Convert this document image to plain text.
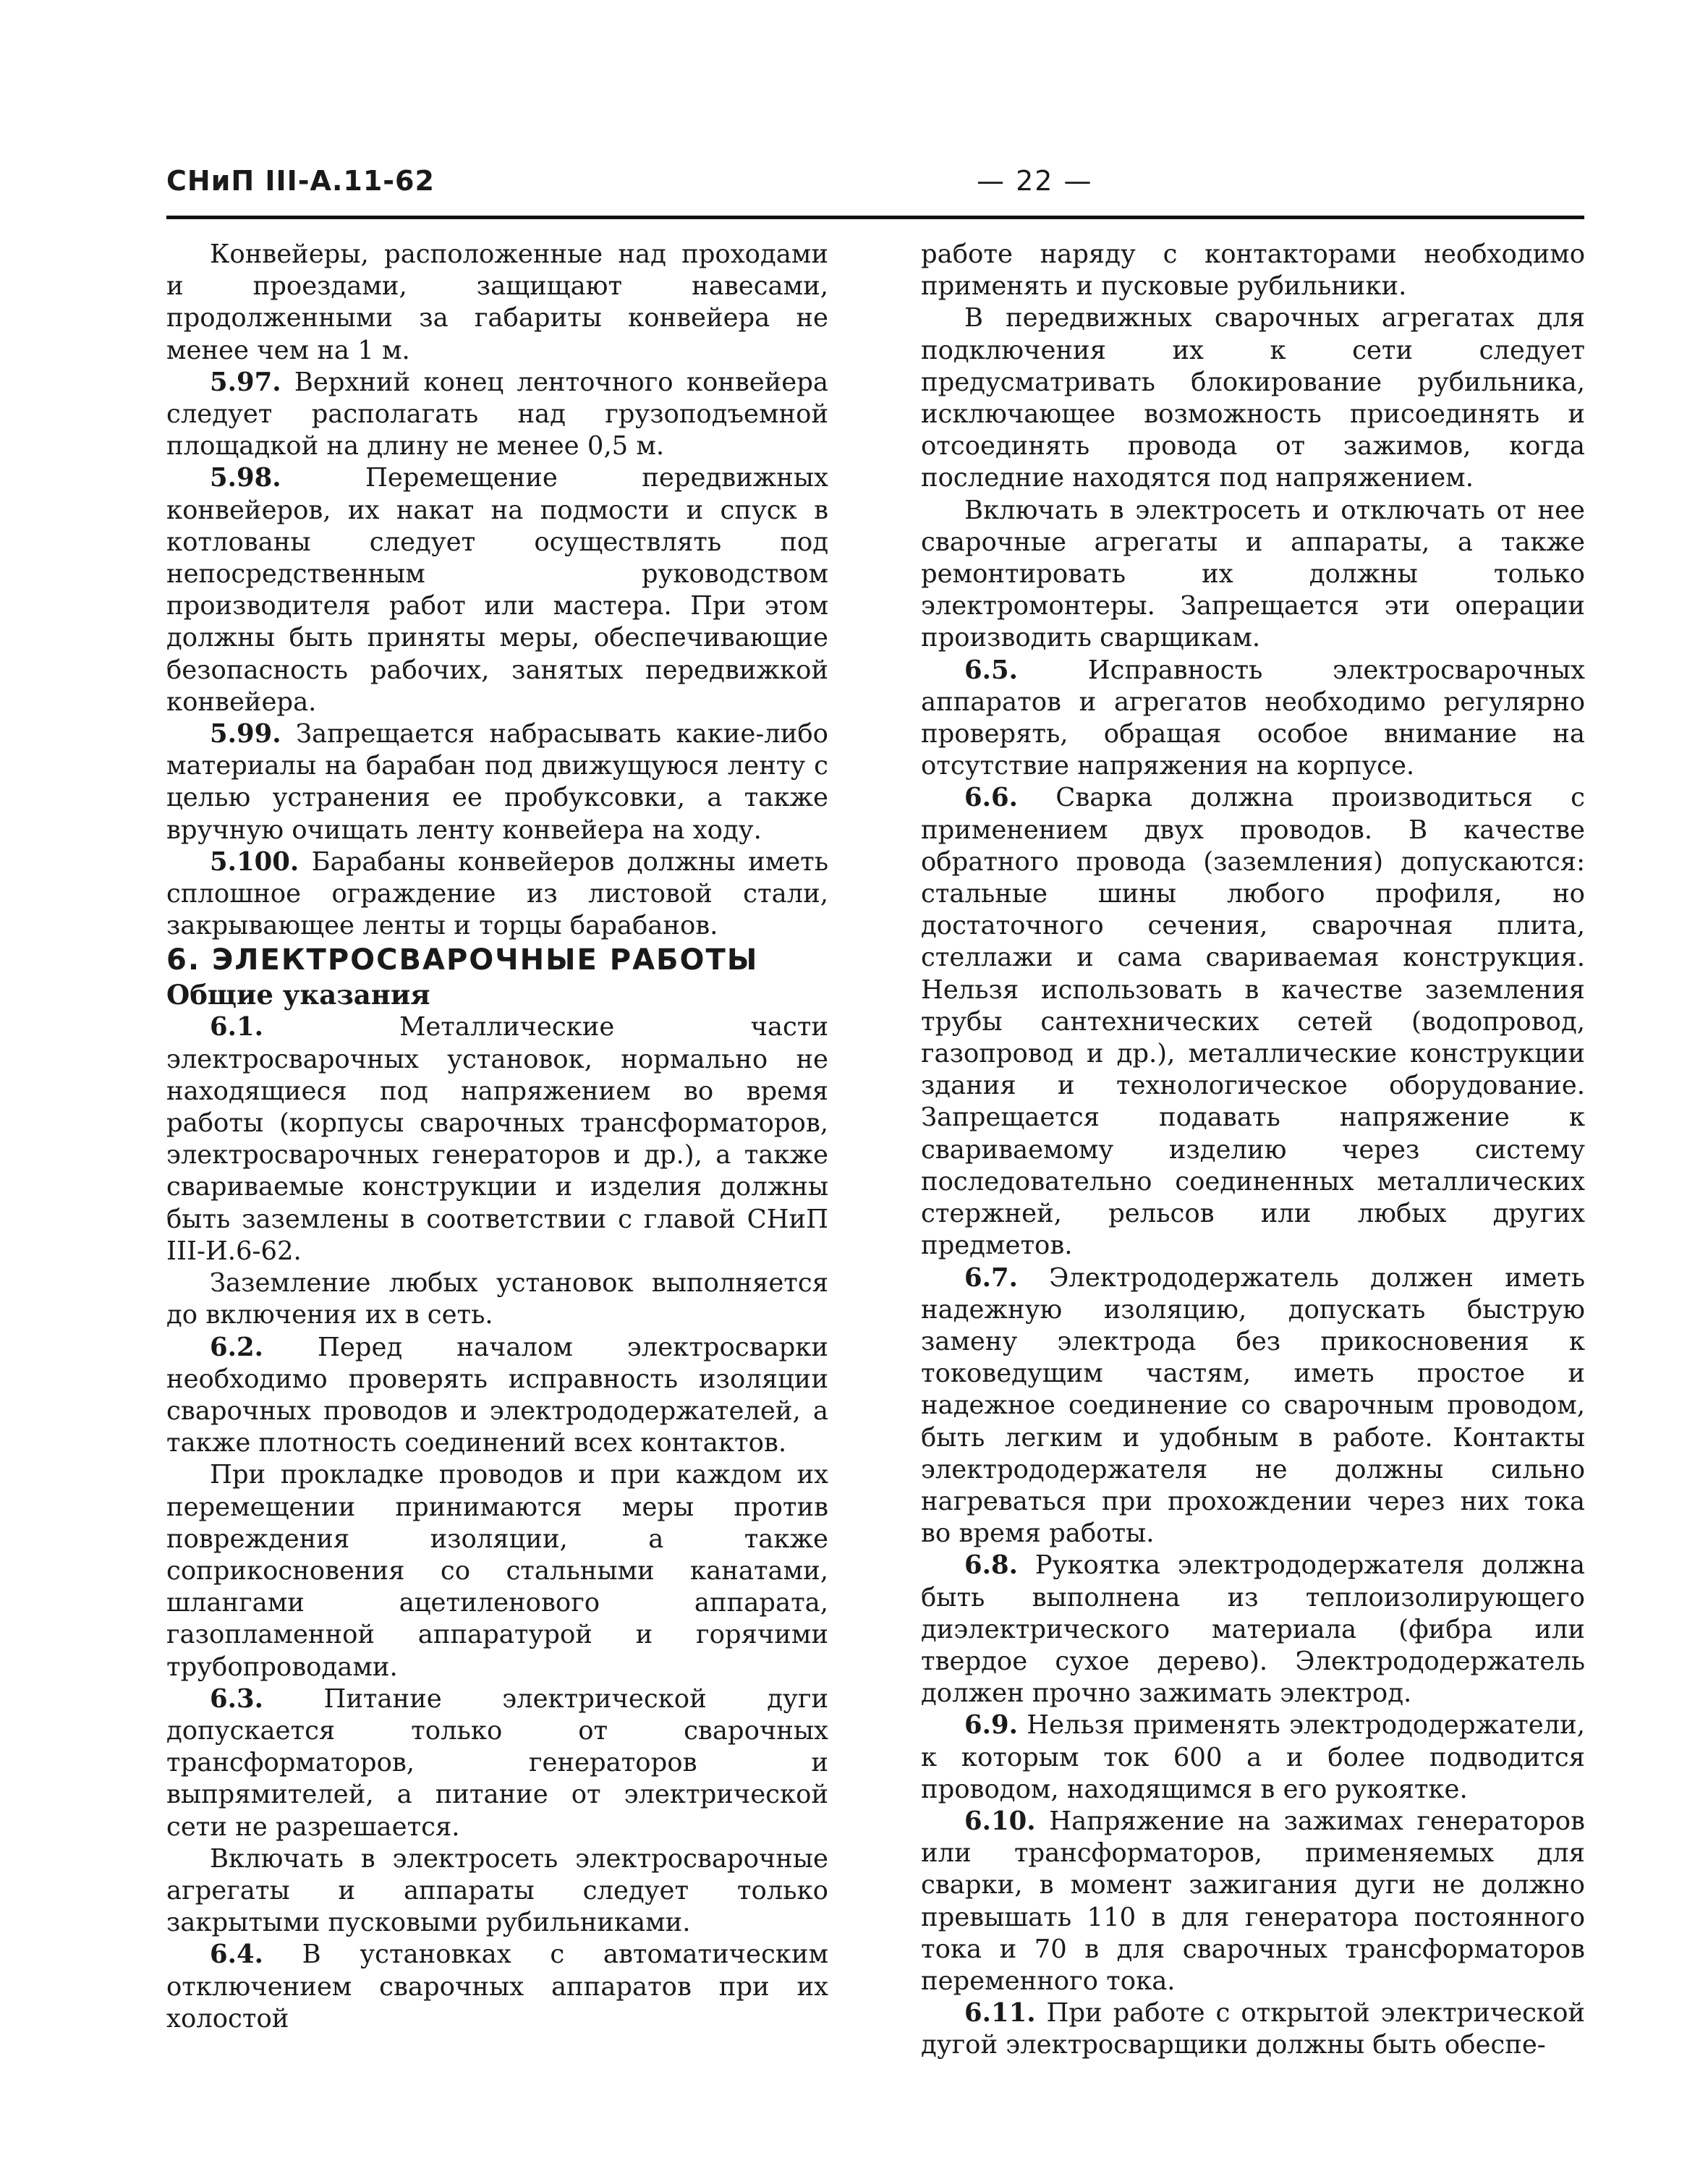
СНиП III-А.11-62	— 22 —

Конвейеры, расположенные над проходами и проездами, защищают навесами, продолженными за габариты конвейера не менее чем на 1 м.

5.97. Верхний конец ленточного конвейера следует располагать над грузоподъемной площадкой на длину не менее 0,5 м.

5.98. Перемещение передвижных конвейеров, их накат на подмости и спуск в котлованы следует осуществлять под непосредственным руководством производителя работ или мастера. При этом должны быть приняты меры, обеспечивающие безопасность рабочих, занятых передвижкой конвейера.

5.99. Запрещается набрасывать какие-либо материалы на барабан под движущуюся ленту с целью устранения ее пробуксовки, а также вручную очищать ленту конвейера на ходу.

5.100. Барабаны конвейеров должны иметь сплошное ограждение из листовой стали, закрывающее ленты и торцы барабанов.

6. ЭЛЕКТРОСВАРОЧНЫЕ РАБОТЫ

Общие указания

6.1. Металлические части электросварочных установок, нормально не находящиеся под напряжением во время работы (корпусы сварочных трансформаторов, электросварочных генераторов и др.), а также свариваемые конструкции и изделия должны быть заземлены в соответствии с главой СНиП III-И.6-62.

Заземление любых установок выполняется до включения их в сеть.

6.2. Перед началом электросварки необходимо проверять исправность изоляции сварочных проводов и электрододержателей, а также плотность соединений всех контактов.

При прокладке проводов и при каждом их перемещении принимаются меры против повреждения изоляции, а также соприкосновения со стальными канатами, шлангами ацетиленового аппарата, газопламенной аппаратурой и горячими трубопроводами.

6.3. Питание электрической дуги допускается только от сварочных трансформаторов, генераторов и выпрямителей, а питание от электрической сети не разрешается.

Включать в электросеть электросварочные агрегаты и аппараты следует только закрытыми пусковыми рубильниками.

6.4. В установках с автоматическим отключением сварочных аппаратов при их холостой

работе наряду с контакторами необходимо применять и пусковые рубильники.

В передвижных сварочных агрегатах для подключения их к сети следует предусматривать блокирование рубильника, исключающее возможность присоединять и отсоединять провода от зажимов, когда последние находятся под напряжением.

Включать в электросеть и отключать от нее сварочные агрегаты и аппараты, а также ремонтировать их должны только электромонтеры. Запрещается эти операции производить сварщикам.

6.5. Исправность электросварочных аппаратов и агрегатов необходимо регулярно проверять, обращая особое внимание на отсутствие напряжения на корпусе.

6.6. Сварка должна производиться с применением двух проводов. В качестве обратного провода (заземления) допускаются: стальные шины любого профиля, но достаточного сечения, сварочная плита, стеллажи и сама свариваемая конструкция. Нельзя использовать в качестве заземления трубы сантехнических сетей (водопровод, газопровод и др.), металлические конструкции здания и технологическое оборудование. Запрещается подавать напряжение к свариваемому изделию через систему последовательно соединенных металлических стержней, рельсов или любых других предметов.

6.7. Электрододержатель должен иметь надежную изоляцию, допускать быструю замену электрода без прикосновения к токоведущим частям, иметь простое и надежное соединение со сварочным проводом, быть легким и удобным в работе. Контакты электрододержателя не должны сильно нагреваться при прохождении через них тока во время работы.

6.8. Рукоятка электрододержателя должна быть выполнена из теплоизолирующего диэлектрического материала (фибра или твердое сухое дерево). Электрододержатель должен прочно зажимать электрод.

6.9. Нельзя применять электрододержатели, к которым ток 600 а и более подводится проводом, находящимся в его рукоятке.

6.10. Напряжение на зажимах генераторов или трансформаторов, применяемых для сварки, в момент зажигания дуги не должно превышать 110 в для генератора постоянного тока и 70 в для сварочных трансформаторов переменного тока.

6.11. При работе с открытой электрической дугой электросварщики должны быть обеспе-
